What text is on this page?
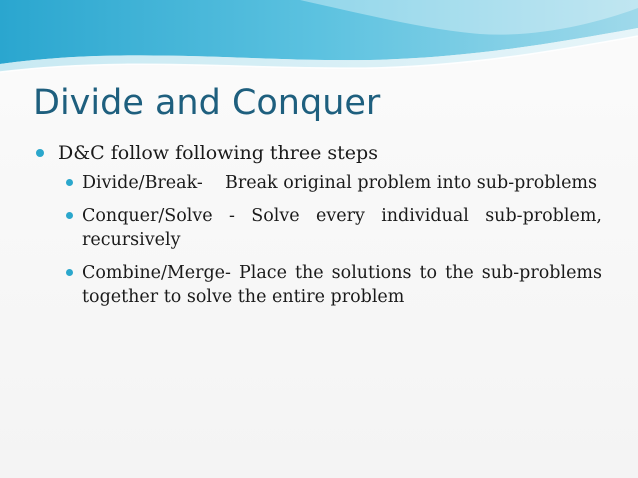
Divide and Conquer
D&C follow following three steps
Divide/Break-    Break original problem into sub-problems
Conquer/Solve - Solve every individual sub-problem, recursively
Combine/Merge- Place the solutions to the sub-problems together to solve the entire problem
